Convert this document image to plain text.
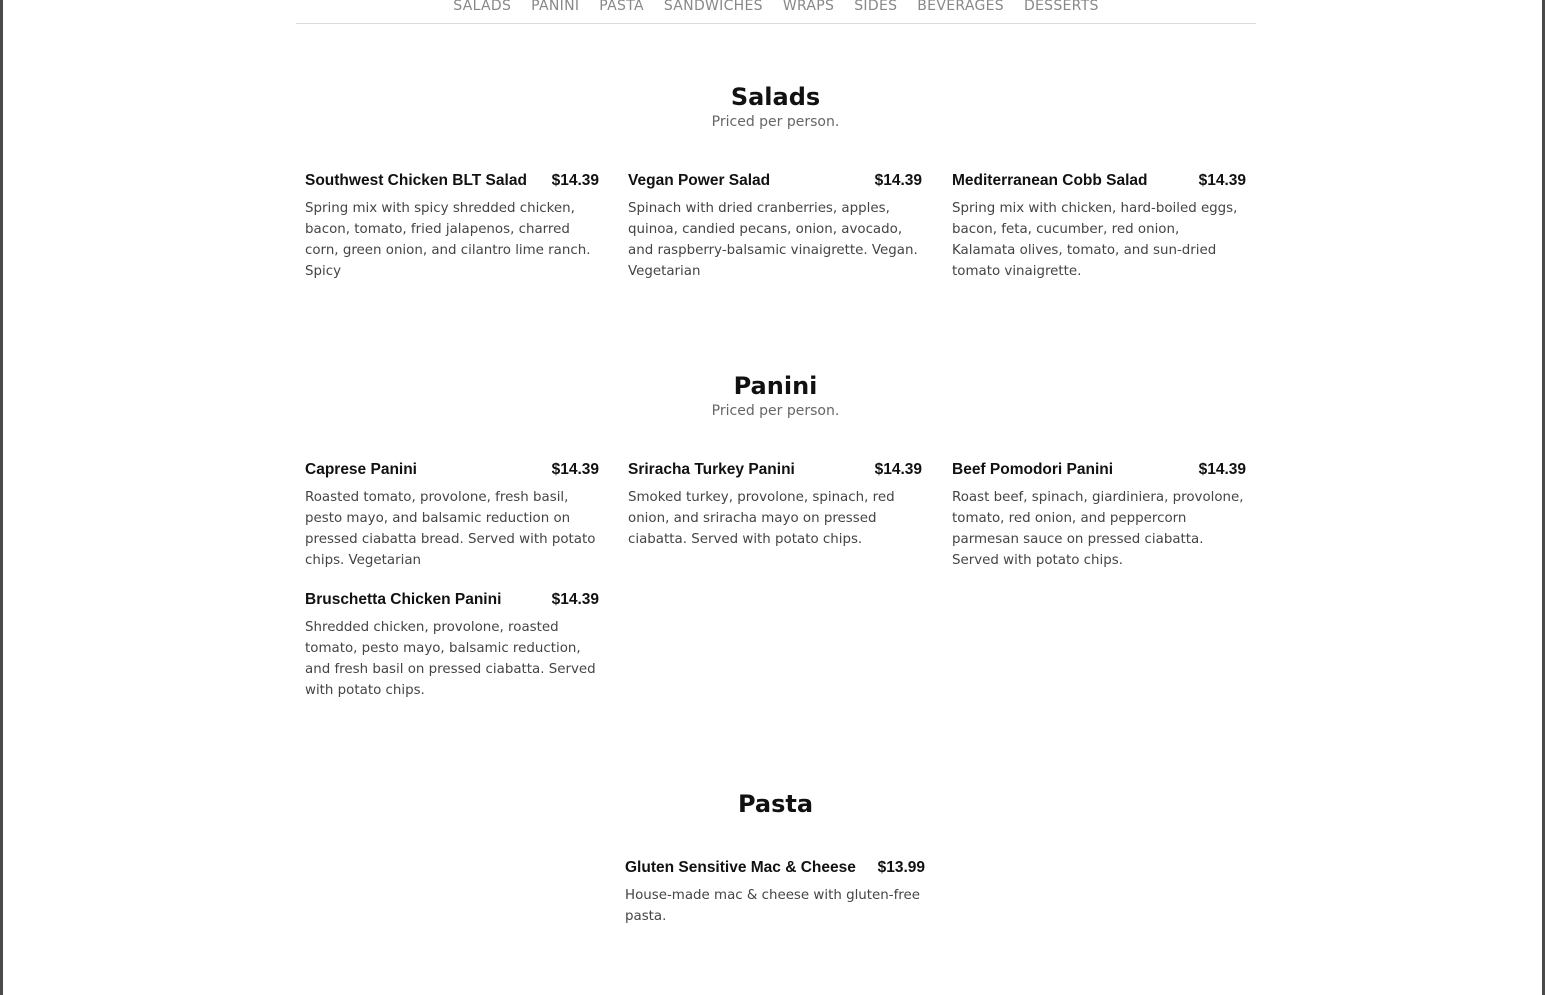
SALADS PANINI PASTA SANDWICHES WRAPS SIDES BEVERAGES DESSERTS
Salads

Priced per person.

Southwest Chicken BLT Salad $14.39
Spring mix with spicy shredded chicken, bacon, tomato, fried jalapenos, charred corn, green onion, and cilantro lime ranch. Spicy
Vegan Power Salad	$14.39
Spinach with dried cranberries, apples, quinoa, candied pecans, onion, avocado, and raspberry-balsamic vinaigrette. Vegan. Vegetarian
Mediterranean Cobb Salad	$14.39
Spring mix with chicken, hard-boiled eggs, bacon, feta, cucumber, red onion, Kalamata olives, tomato, and sun-dried tomato vinaigrette.
Panini

Priced per person.

Caprese Panini	$14.39
Roasted tomato, provolone, fresh basil, pesto mayo, and balsamic reduction on pressed ciabatta bread. Served with potato chips. Vegetarian
Sriracha Turkey Panini	$14.39
Smoked turkey, provolone, spinach, red onion, and sriracha mayo on pressed ciabatta. Served with potato chips.
Beef Pomodori Panini	$14.39
Roast beef, spinach, giardiniera, provolone, tomato, red onion, and peppercorn parmesan sauce on pressed ciabatta. Served with potato chips.
Bruschetta Chicken Panini	$14.39
Shredded chicken, provolone, roasted tomato, pesto mayo, balsamic reduction, and fresh basil on pressed ciabatta. Served with potato chips.
Pasta
Gluten Sensitive Mac & Cheese $13.99
House-made mac & cheese with gluten-free pasta.
